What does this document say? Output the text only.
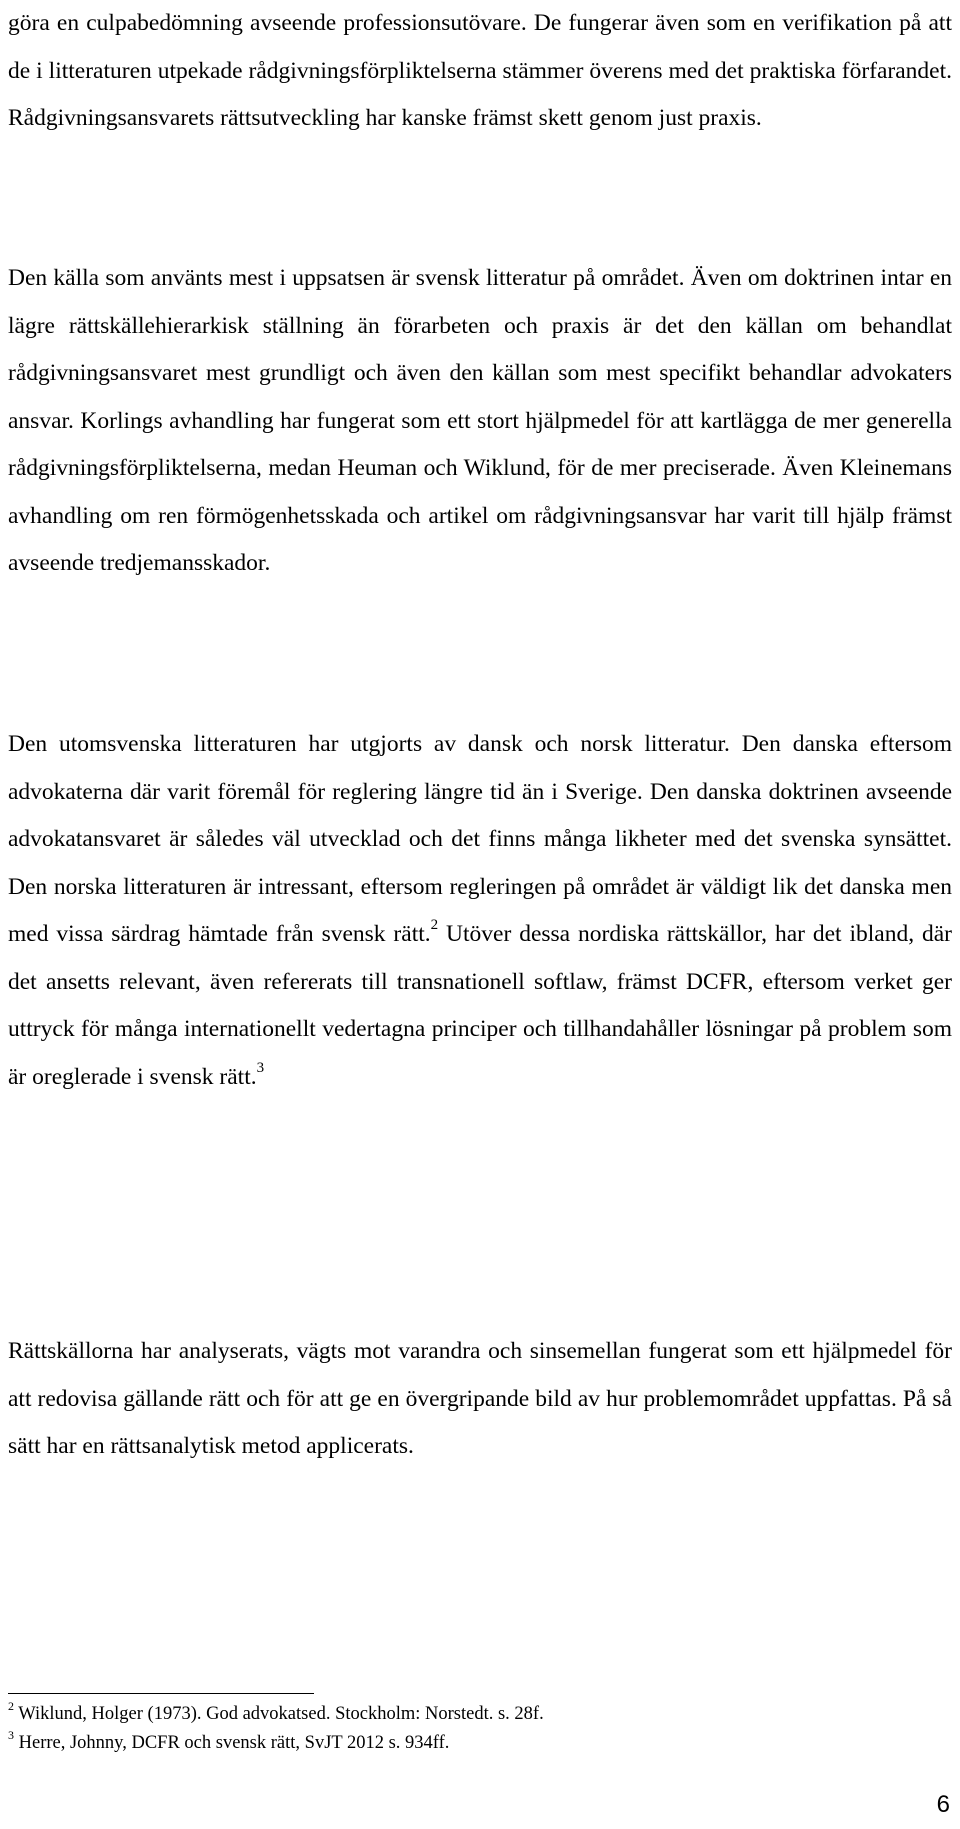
göra en culpabedömning avseende professionsutövare. De fungerar även som en verifikation på att de i litteraturen utpekade rådgivningsförpliktelserna stämmer överens med det praktiska förfarandet. Rådgivningsansvarets rättsutveckling har kanske främst skett genom just praxis.

Den källa som använts mest i uppsatsen är svensk litteratur på området. Även om doktrinen intar en lägre rättskällehierarkisk ställning än förarbeten och praxis är det den källan om behandlat rådgivningsansvaret mest grundligt och även den källan som mest specifikt behandlar advokaters ansvar. Korlings avhandling har fungerat som ett stort hjälpmedel för att kartlägga de mer generella rådgivningsförpliktelserna, medan Heuman och Wiklund, för de mer preciserade. Även Kleinemans avhandling om ren förmögenhetsskada och artikel om rådgivningsansvar har varit till hjälp främst avseende tredjemansskador.

Den utomsvenska litteraturen har utgjorts av dansk och norsk litteratur. Den danska eftersom advokaterna där varit föremål för reglering längre tid än i Sverige. Den danska doktrinen avseende advokatansvaret är således väl utvecklad och det finns många likheter med det svenska synsättet. Den norska litteraturen är intressant, eftersom regleringen på området är väldigt lik det danska men med vissa särdrag hämtade från svensk rätt.$^2$ Utöver dessa nordiska rättskällor, har det ibland, där det ansetts relevant, även refererats till transnationell softlaw, främst DCFR, eftersom verket ger uttryck för många internationellt vedertagna principer och tillhandahåller lösningar på problem som är oreglerade i svensk rätt.$^3$

Rättskällorna har analyserats, vägts mot varandra och sinsemellan fungerat som ett hjälpmedel för att redovisa gällande rätt och för att ge en övergripande bild av hur problemområdet uppfattas. På så sätt har en rättsanalytisk metod applicerats.

$^2$ Wiklund, Holger (1973). God advokatsed. Stockholm: Norstedt. s. 28f.
$^3$ Herre, Johnny, DCFR och svensk rätt, SvJT 2012 s. 934ff.
6
